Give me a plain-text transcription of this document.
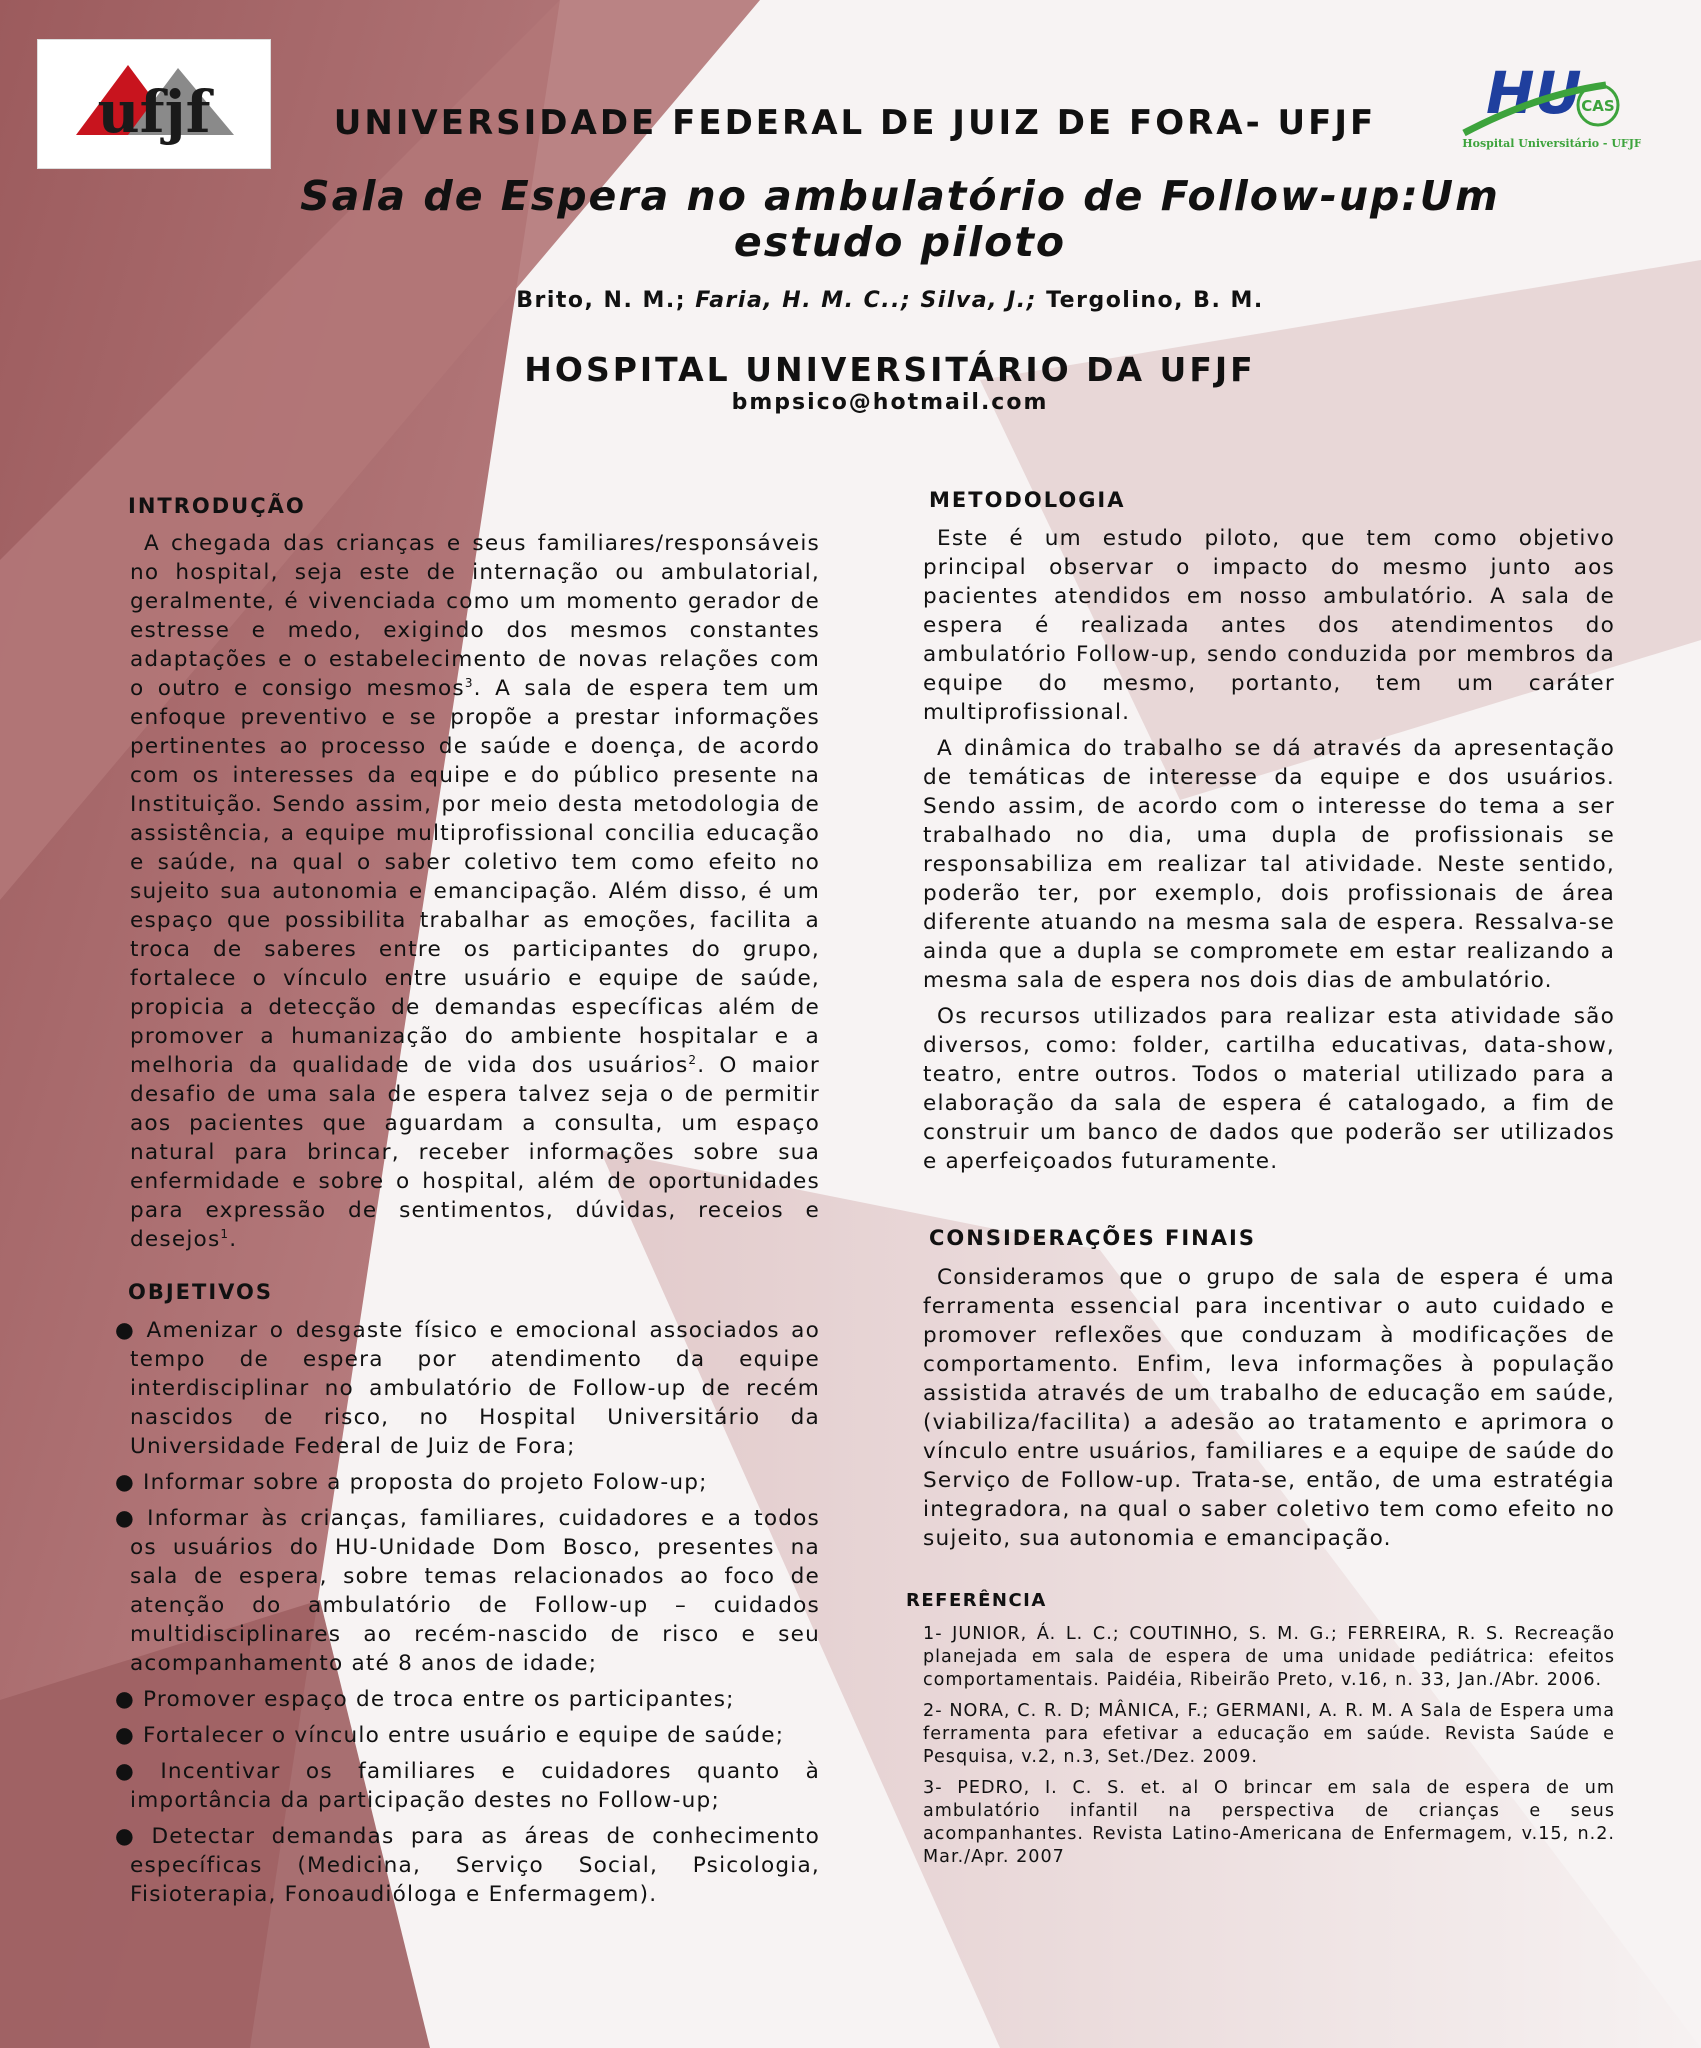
ufjf	HU CAS
Hospital Universitário - UFJF
UNIVERSIDADE FEDERAL DE JUIZ DE FORA- UFJF
Sala de Espera no ambulatório de Follow-up:Um estudo piloto
Brito, N. M.; Faria, H. M. C..; Silva, J.; Tergolino, B. M.
HOSPITAL UNIVERSITÁRIO DA UFJF
bmpsico@hotmail.com
INTRODUÇÃO

A chegada das crianças e seus familiares/responsáveis no hospital, seja este de internação ou ambulatorial, geralmente, é vivenciada como um momento gerador de estresse e medo, exigindo dos mesmos constantes adaptações e o estabelecimento de novas relações com o outro e consigo mesmos$^3$. A sala de espera tem um enfoque preventivo e se propõe a prestar informações pertinentes ao processo de saúde e doença, de acordo com os interesses da equipe e do público presente na Instituição. Sendo assim, por meio desta metodologia de assistência, a equipe multiprofissional concilia educação e saúde, na qual o saber coletivo tem como efeito no sujeito sua autonomia e emancipação. Além disso, é um espaço que possibilita trabalhar as emoções, facilita a troca de saberes entre os participantes do grupo, fortalece o vínculo entre usuário e equipe de saúde, propicia a detecção de demandas específicas além de promover a humanização do ambiente hospitalar e a melhoria da qualidade de vida dos usuários$^2$. O maior desafio de uma sala de espera talvez seja o de permitir aos pacientes que aguardam a consulta, um espaço natural para brincar, receber informações sobre sua enfermidade e sobre o hospital, além de oportunidades para expressão de sentimentos, dúvidas, receios e desejos$^1$.

OBJETIVOS
● Amenizar o desgaste físico e emocional associados ao tempo de espera por atendimento da equipe interdisciplinar no ambulatório de Follow-up de recém nascidos de risco, no Hospital Universitário da Universidade Federal de Juiz de Fora;
● Informar sobre a proposta do projeto Folow-up;
● Informar às crianças, familiares, cuidadores e a todos os usuários do HU-Unidade Dom Bosco, presentes na sala de espera, sobre temas relacionados ao foco de atenção do ambulatório de Follow-up – cuidados multidisciplinares ao recém-nascido de risco e seu acompanhamento até 8 anos de idade;
● Promover espaço de troca entre os participantes;
● Fortalecer o vínculo entre usuário e equipe de saúde;
● Incentivar os familiares e cuidadores quanto à importância da participação destes no Follow-up;
● Detectar demandas para as áreas de conhecimento específicas (Medicina, Serviço Social, Psicologia, Fisioterapia, Fonoaudióloga e Enfermagem).
METODOLOGIA

Este é um estudo piloto, que tem como objetivo principal observar o impacto do mesmo junto aos pacientes atendidos em nosso ambulatório. A sala de espera é realizada antes dos atendimentos do ambulatório Follow-up, sendo conduzida por membros da equipe do mesmo, portanto, tem um caráter multiprofissional.

A dinâmica do trabalho se dá através da apresentação de temáticas de interesse da equipe e dos usuários. Sendo assim, de acordo com o interesse do tema a ser trabalhado no dia, uma dupla de profissionais se responsabiliza em realizar tal atividade. Neste sentido, poderão ter, por exemplo, dois profissionais de área diferente atuando na mesma sala de espera. Ressalva-se ainda que a dupla se compromete em estar realizando a mesma sala de espera nos dois dias de ambulatório.

Os recursos utilizados para realizar esta atividade são diversos, como: folder, cartilha educativas, data-show, teatro, entre outros. Todos o material utilizado para a elaboração da sala de espera é catalogado, a fim de construir um banco de dados que poderão ser utilizados e aperfeiçoados futuramente.

CONSIDERAÇÕES FINAIS

Consideramos que o grupo de sala de espera é uma ferramenta essencial para incentivar o auto cuidado e promover reflexões que conduzam à modificações de comportamento. Enfim, leva informações à população assistida através de um trabalho de educação em saúde, (viabiliza/facilita) a adesão ao tratamento e aprimora o vínculo entre usuários, familiares e a equipe de saúde do Serviço de Follow-up. Trata-se, então, de uma estratégia integradora, na qual o saber coletivo tem como efeito no sujeito, sua autonomia e emancipação.

REFERÊNCIA

1- JUNIOR, Á. L. C.; COUTINHO, S. M. G.; FERREIRA, R. S. Recreação planejada em sala de espera de uma unidade pediátrica: efeitos comportamentais. Paidéia, Ribeirão Preto, v.16, n. 33, Jan./Abr. 2006.

2- NORA, C. R. D; MÂNICA, F.; GERMANI, A. R. M. A Sala de Espera uma ferramenta para efetivar a educação em saúde. Revista Saúde e Pesquisa, v.2, n.3, Set./Dez. 2009.

3- PEDRO, I. C. S. et. al O brincar em sala de espera de um ambulatório infantil na perspectiva de crianças e seus acompanhantes. Revista Latino-Americana de Enfermagem, v.15, n.2. Mar./Apr. 2007
